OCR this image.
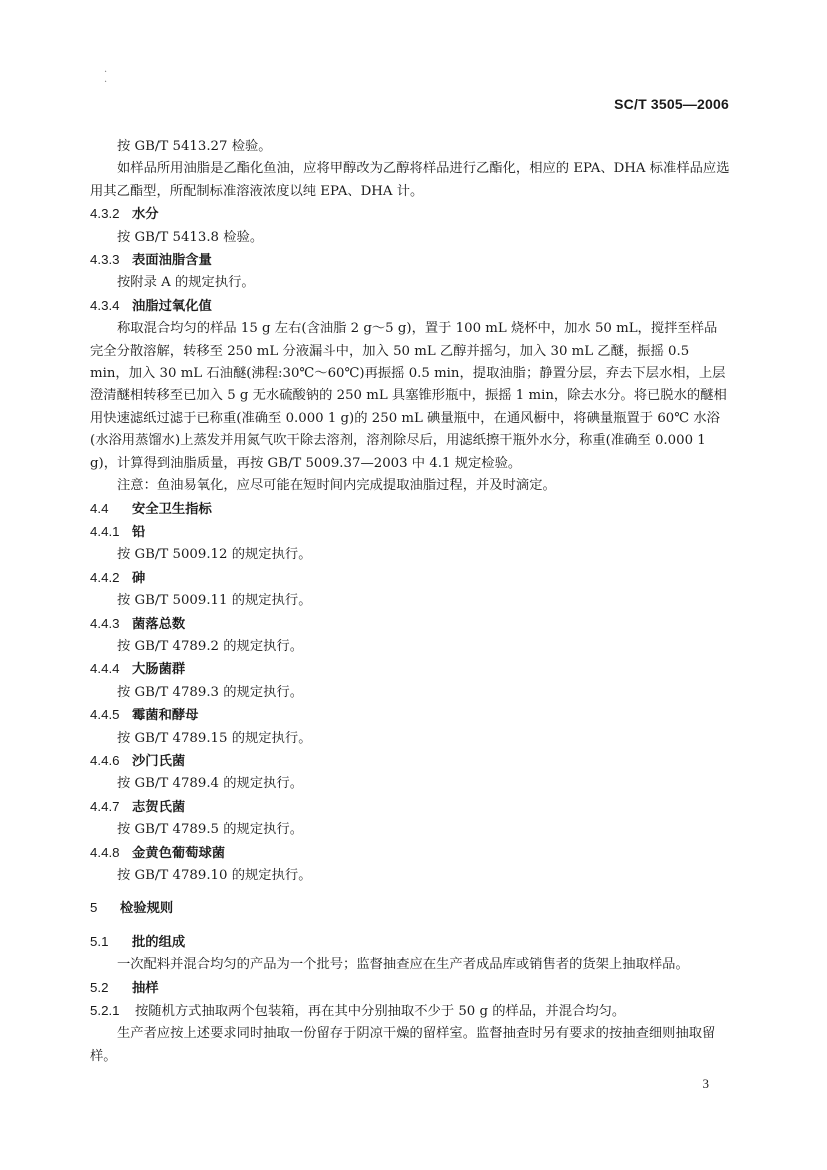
·
·
SC/T 3505—2006

按 GB/T 5413.27 检验。

如样品所用油脂是乙酯化鱼油，应将甲醇改为乙醇将样品进行乙酯化，相应的 EPA、DHA 标准样品应选用其乙酯型，所配制标准溶液浓度以纯 EPA、DHA 计。

4.3.2 水分

按 GB/T 5413.8 检验。

4.3.3 表面油脂含量

按附录 A 的规定执行。

4.3.4 油脂过氧化值

称取混合均匀的样品 15 g 左右(含油脂 2 g～5 g)，置于 100 mL 烧杯中，加水 50 mL，搅拌至样品完全分散溶解，转移至 250 mL 分液漏斗中，加入 50 mL 乙醇并摇匀，加入 30 mL 乙醚，振摇 0.5 min，加入 30 mL 石油醚(沸程:30℃～60℃)再振摇 0.5 min，提取油脂；静置分层，弃去下层水相，上层澄清醚相转移至已加入 5 g 无水硫酸钠的 250 mL 具塞锥形瓶中，振摇 1 min，除去水分。将已脱水的醚相用快速滤纸过滤于已称重(准确至 0.000 1 g)的 250 mL 碘量瓶中，在通风橱中，将碘量瓶置于 60℃ 水浴(水浴用蒸馏水)上蒸发并用氮气吹干除去溶剂，溶剂除尽后，用滤纸擦干瓶外水分，称重(准确至 0.000 1 g)，计算得到油脂质量，再按 GB/T 5009.37—2003 中 4.1 规定检验。

注意：鱼油易氧化，应尽可能在短时间内完成提取油脂过程，并及时滴定。

4.4 安全卫生指标

4.4.1 铅

按 GB/T 5009.12 的规定执行。

4.4.2 砷

按 GB/T 5009.11 的规定执行。

4.4.3 菌落总数

按 GB/T 4789.2 的规定执行。

4.4.4 大肠菌群

按 GB/T 4789.3 的规定执行。

4.4.5 霉菌和酵母

按 GB/T 4789.15 的规定执行。

4.4.6 沙门氏菌

按 GB/T 4789.4 的规定执行。

4.4.7 志贺氏菌

按 GB/T 4789.5 的规定执行。

4.4.8 金黄色葡萄球菌

按 GB/T 4789.10 的规定执行。

5 检验规则

5.1 批的组成

一次配料并混合均匀的产品为一个批号；监督抽查应在生产者成品库或销售者的货架上抽取样品。

5.2 抽样

5.2.1 按随机方式抽取两个包装箱，再在其中分别抽取不少于 50 g 的样品，并混合均匀。

生产者应按上述要求同时抽取一份留存于阴凉干燥的留样室。监督抽查时另有要求的按抽查细则抽取留样。

3
